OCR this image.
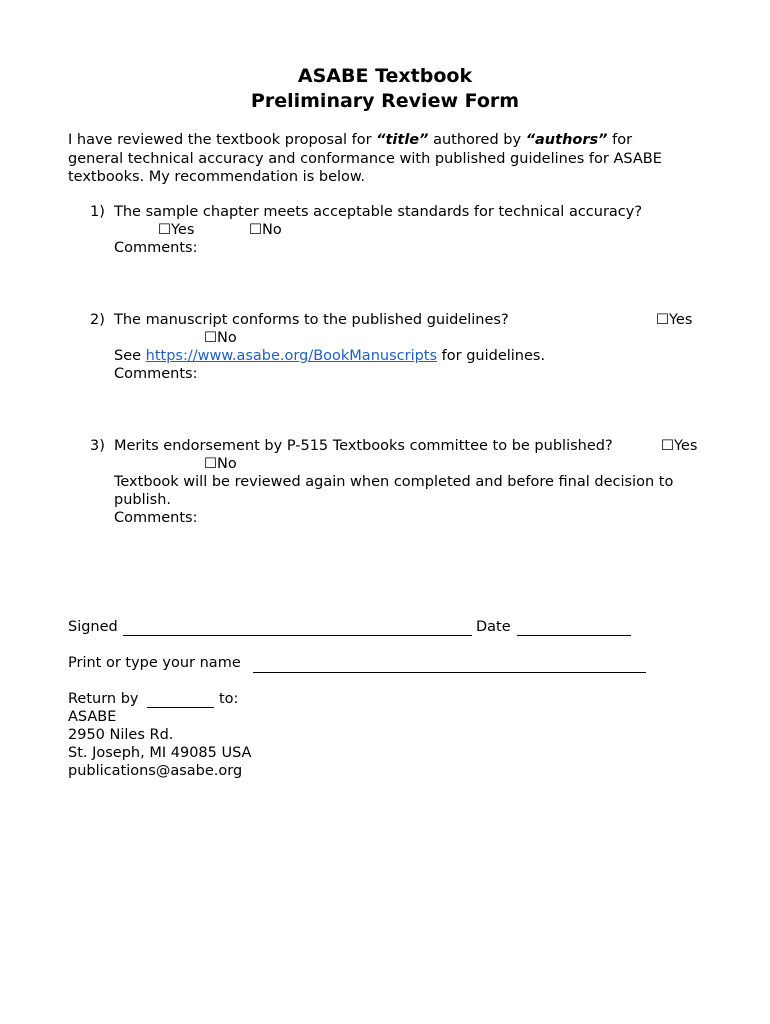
ASABE Textbook
Preliminary Review Form
I have reviewed the textbook proposal for “title” authored by “authors” for
general technical accuracy and conformance with published guidelines for ASABE
textbooks. My recommendation is below.
1) The sample chapter meets acceptable standards for technical accuracy?
☐Yes	☐No
Comments:
2) The manuscript conforms to the published guidelines?	☐Yes
☐No
See https://www.asabe.org/BookManuscripts for guidelines.
Comments:
3) Merits endorsement by P-515 Textbooks committee to be published?	☐Yes
☐No
Textbook will be reviewed again when completed and before final decision to
publish.
Comments:
Signed	Date
Print or type your name
Return by	to:
ASABE
2950 Niles Rd.
St. Joseph, MI 49085 USA
publications@asabe.org
